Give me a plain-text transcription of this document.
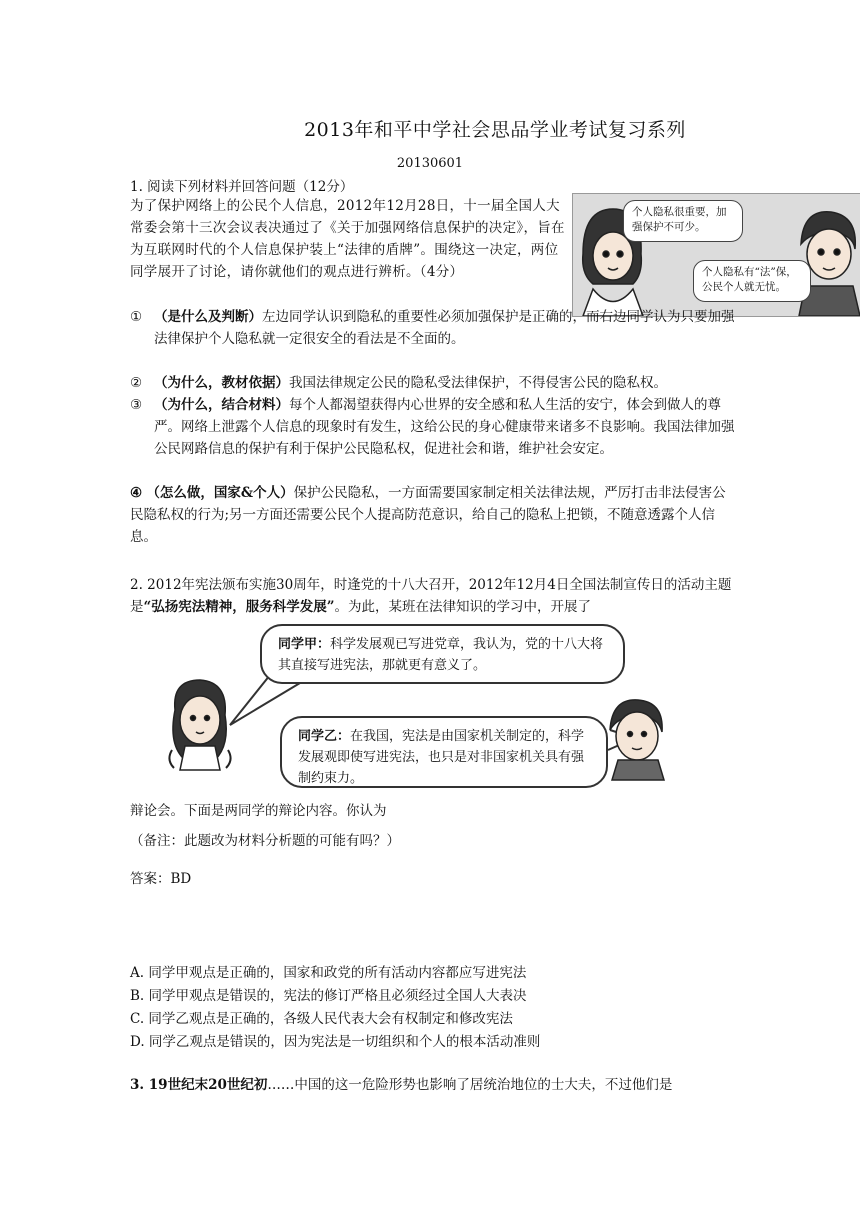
2013年和平中学社会思品学业考试复习系列
20130601
1. 阅读下列材料并回答问题（12分）
为了保护网络上的公民个人信息，2012年12月28日，十一届全国人大常委会第十三次会议表决通过了《关于加强网络信息保护的决定》，旨在为互联网时代的个人信息保护装上“法律的盾牌”。围绕这一决定，两位同学展开了讨论，请你就他们的观点进行辨析。（4分）
个人隐私很重要，加强保护不可少。
个人隐私有“法”保，公民个人就无忧。
① （是什么及判断）左边同学认识到隐私的重要性必须加强保护是正确的，而右边同学认为只要加强法律保护个人隐私就一定很安全的看法是不全面的。
② （为什么，教材依据）我国法律规定公民的隐私受法律保护，不得侵害公民的隐私权。
③ （为什么，结合材料）每个人都渴望获得内心世界的安全感和私人生活的安宁，体会到做人的尊严。网络上泄露个人信息的现象时有发生，这给公民的身心健康带来诸多不良影响。我国法律加强公民网路信息的保护有利于保护公民隐私权，促进社会和谐，维护社会安定。
④ （怎么做，国家&个人）保护公民隐私，一方面需要国家制定相关法律法规，严厉打击非法侵害公民隐私权的行为;另一方面还需要公民个人提高防范意识，给自己的隐私上把锁，不随意透露个人信息。
2. 2012年宪法颁布实施30周年，时逢党的十八大召开，2012年12月4日全国法制宣传日的活动主题是“弘扬宪法精神，服务科学发展”。为此，某班在法律知识的学习中，开展了
同学甲：科学发展观已写进党章，我认为，党的十八大将其直接写进宪法，那就更有意义了。
同学乙：在我国，宪法是由国家机关制定的，科学发展观即使写进宪法，也只是对非国家机关具有强制约束力。
辩论会。下面是两同学的辩论内容。你认为
（备注：此题改为材料分析题的可能有吗？）
答案：BD
A. 同学甲观点是正确的，国家和政党的所有活动内容都应写进宪法
B. 同学甲观点是错误的，宪法的修订严格且必须经过全国人大表决
C. 同学乙观点是正确的，各级人民代表大会有权制定和修改宪法
D. 同学乙观点是错误的，因为宪法是一切组织和个人的根本活动准则
3. 19世纪末20世纪初……中国的这一危险形势也影响了居统治地位的士大夫，不过他们是
